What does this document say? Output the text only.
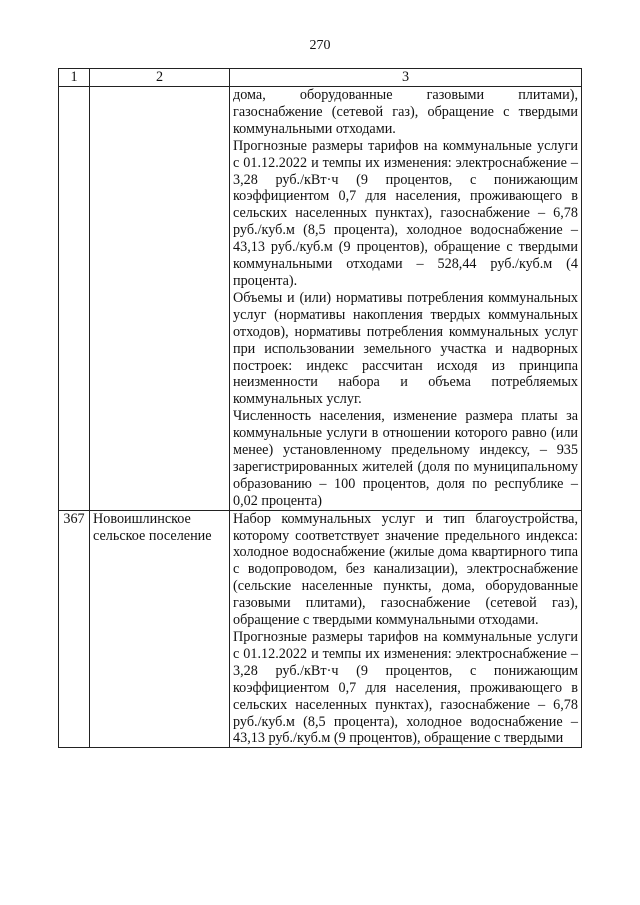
270
1	2	3

		дома, оборудованные газовыми плитами), газоснабжение (сетевой газ), обращение с твердыми коммунальными отходами.

Прогнозные размеры тарифов на коммунальные услуги с 01.12.2022 и темпы их изменения: электроснабжение – 3,28 руб./кВт·ч (9 процентов, с понижающим коэффициентом 0,7 для населения, проживающего в сельских населенных пунктах), газоснабжение – 6,78 руб./куб.м (8,5 процента), холодное водоснабжение – 43,13 руб./куб.м (9 процентов), обращение с твердыми коммунальными отходами – 528,44 руб./куб.м (4 процента).

Объемы и (или) нормативы потребления коммунальных услуг (нормативы накопления твердых коммунальных отходов), нормативы потребления коммунальных услуг при использовании земельного участка и надворных построек: индекс рассчитан исходя из принципа неизменности набора и объема потребляемых коммунальных услуг.

Численность населения, изменение размера платы за коммунальные услуги в отношении которого равно (или менее) установленному предельному индексу, – 935 зарегистрированных жителей (доля по муниципальному образованию – 100 процентов, доля по республике – 0,02 процента)

367	Новоишлинское сельское поселение	Набор коммунальных услуг и тип благоустройства, которому соответствует значение предельного индекса: холодное водоснабжение (жилые дома квартирного типа с водопроводом, без канализации), электроснабжение (сельские населенные пункты, дома, оборудованные газовыми плитами), газоснабжение (сетевой газ), обращение с твердыми коммунальными отходами.

Прогнозные размеры тарифов на коммунальные услуги с 01.12.2022 и темпы их изменения: электроснабжение – 3,28 руб./кВт·ч (9 процентов, с понижающим коэффициентом 0,7 для населения, проживающего в сельских населенных пунктах), газоснабжение – 6,78 руб./куб.м (8,5 процента), холодное водоснабжение – 43,13 руб./куб.м (9 процентов), обращение с твердыми
